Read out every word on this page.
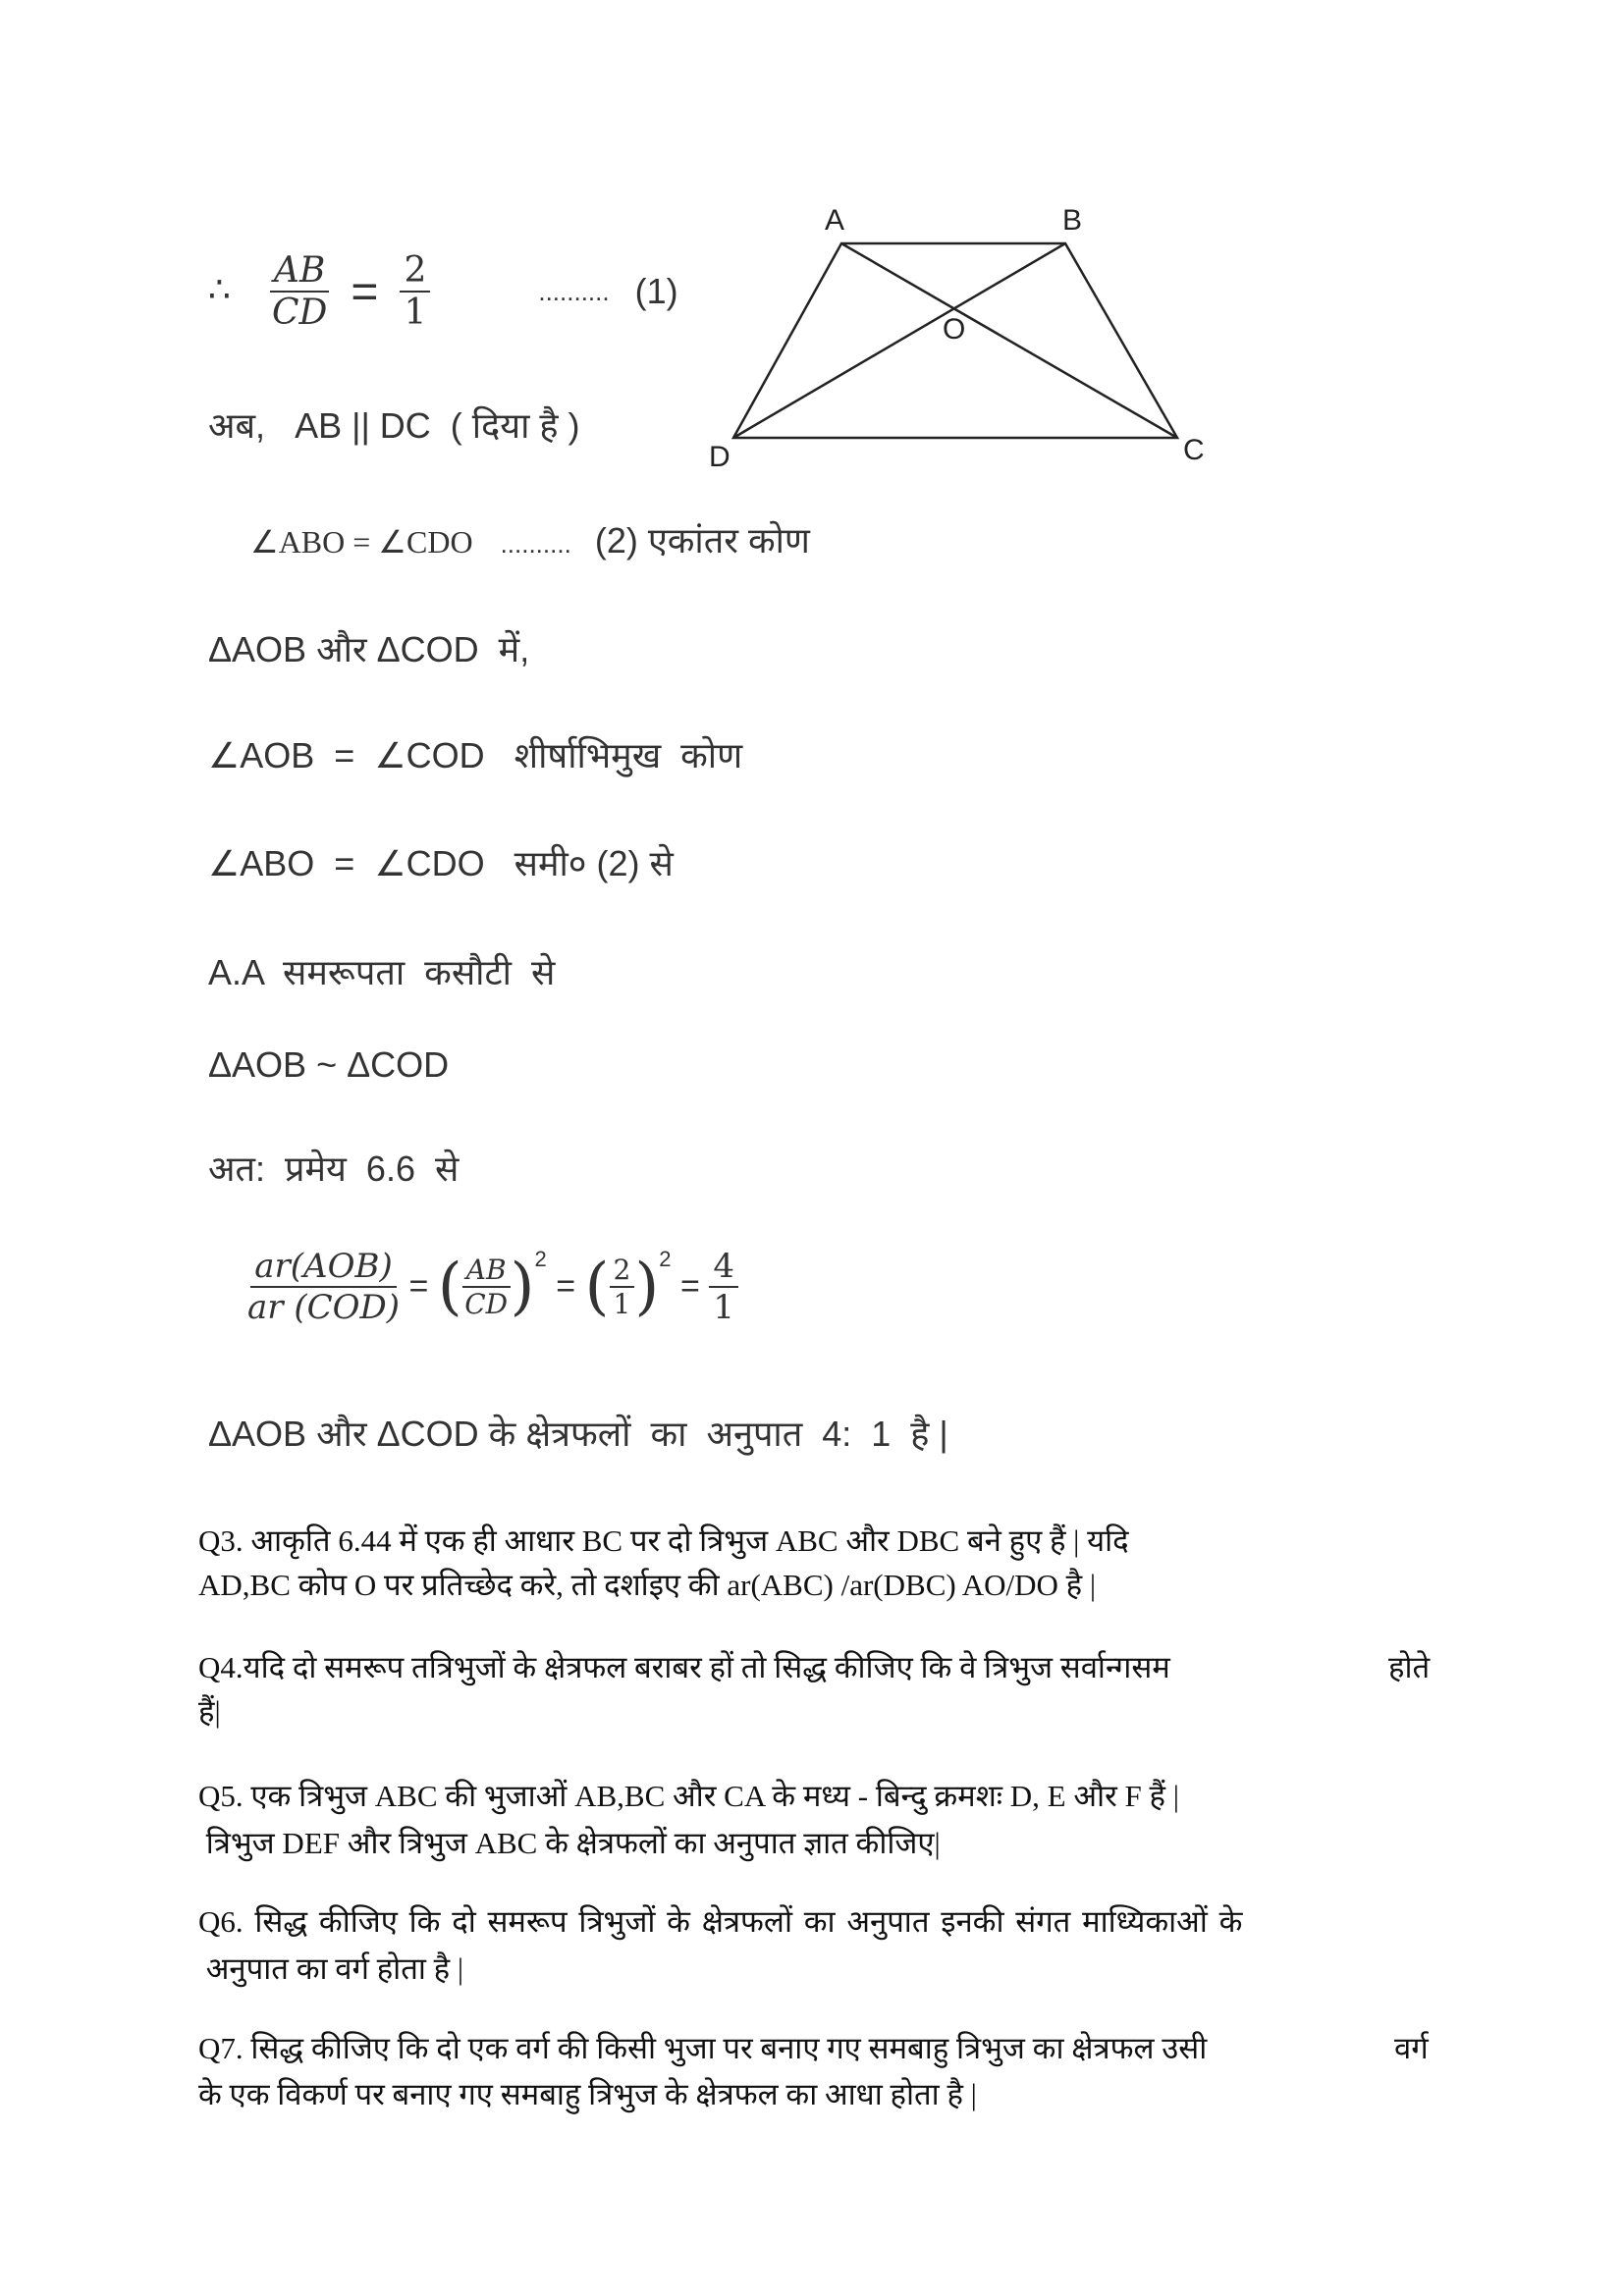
∴ $\frac{AB}{CD} = \frac{2}{1}$	.......... (1)
A	B
C
D
O
अब,   AB || DC  ( दिया है )
∠ABO = ∠CDO .......... (2) एकांतर कोण
ΔAOB और ΔCOD  में,
∠AOB  =  ∠COD   शीर्षाभिमुख  कोण
∠ABO  =  ∠CDO   समी० (2) से
A.A  समरूपता  कसौटी  से
ΔAOB ~ ΔCOD
अत:  प्रमेय  6.6  से
$\frac{\text{ar(AOB)}}{\text{ar (COD)}}$ = ( $\frac{AB}{CD} )^2$ = ( $\frac{2}{1} )^2 = \frac{4}{1}$
ΔAOB और ΔCOD के क्षेत्रफलों  का  अनुपात  4:  1  है |
Q3. आकृति 6.44 में एक ही आधार BC पर दो त्रिभुज ABC और DBC बने हुए हैं | यदि
AD,BC कोप O पर प्रतिच्छेद करे, तो दर्शाइए की ar(ABC) /ar(DBC) AO/DO है |
Q4.यदि दो समरूप तत्रिभुजों के क्षेत्रफल बराबर हों तो सिद्ध कीजिए कि वे त्रिभुज सर्वान्गसम	होते
हैं|
Q5. एक त्रिभुज ABC की भुजाओं AB,BC और CA के मध्य - बिन्दु क्रमशः D, E और F हैं |
त्रिभुज DEF और त्रिभुज ABC के क्षेत्रफलों का अनुपात ज्ञात कीजिए|
Q6. सिद्ध कीजिए कि दो समरूप त्रिभुजों के क्षेत्रफलों का अनुपात इनकी संगत माध्यिकाओं के
अनुपात का वर्ग होता है |
Q7. सिद्ध कीजिए कि दो एक वर्ग की किसी भुजा पर बनाए गए समबाहु त्रिभुज का क्षेत्रफल उसी	वर्ग
के एक विकर्ण पर बनाए गए समबाहु त्रिभुज के क्षेत्रफल का आधा होता है |
